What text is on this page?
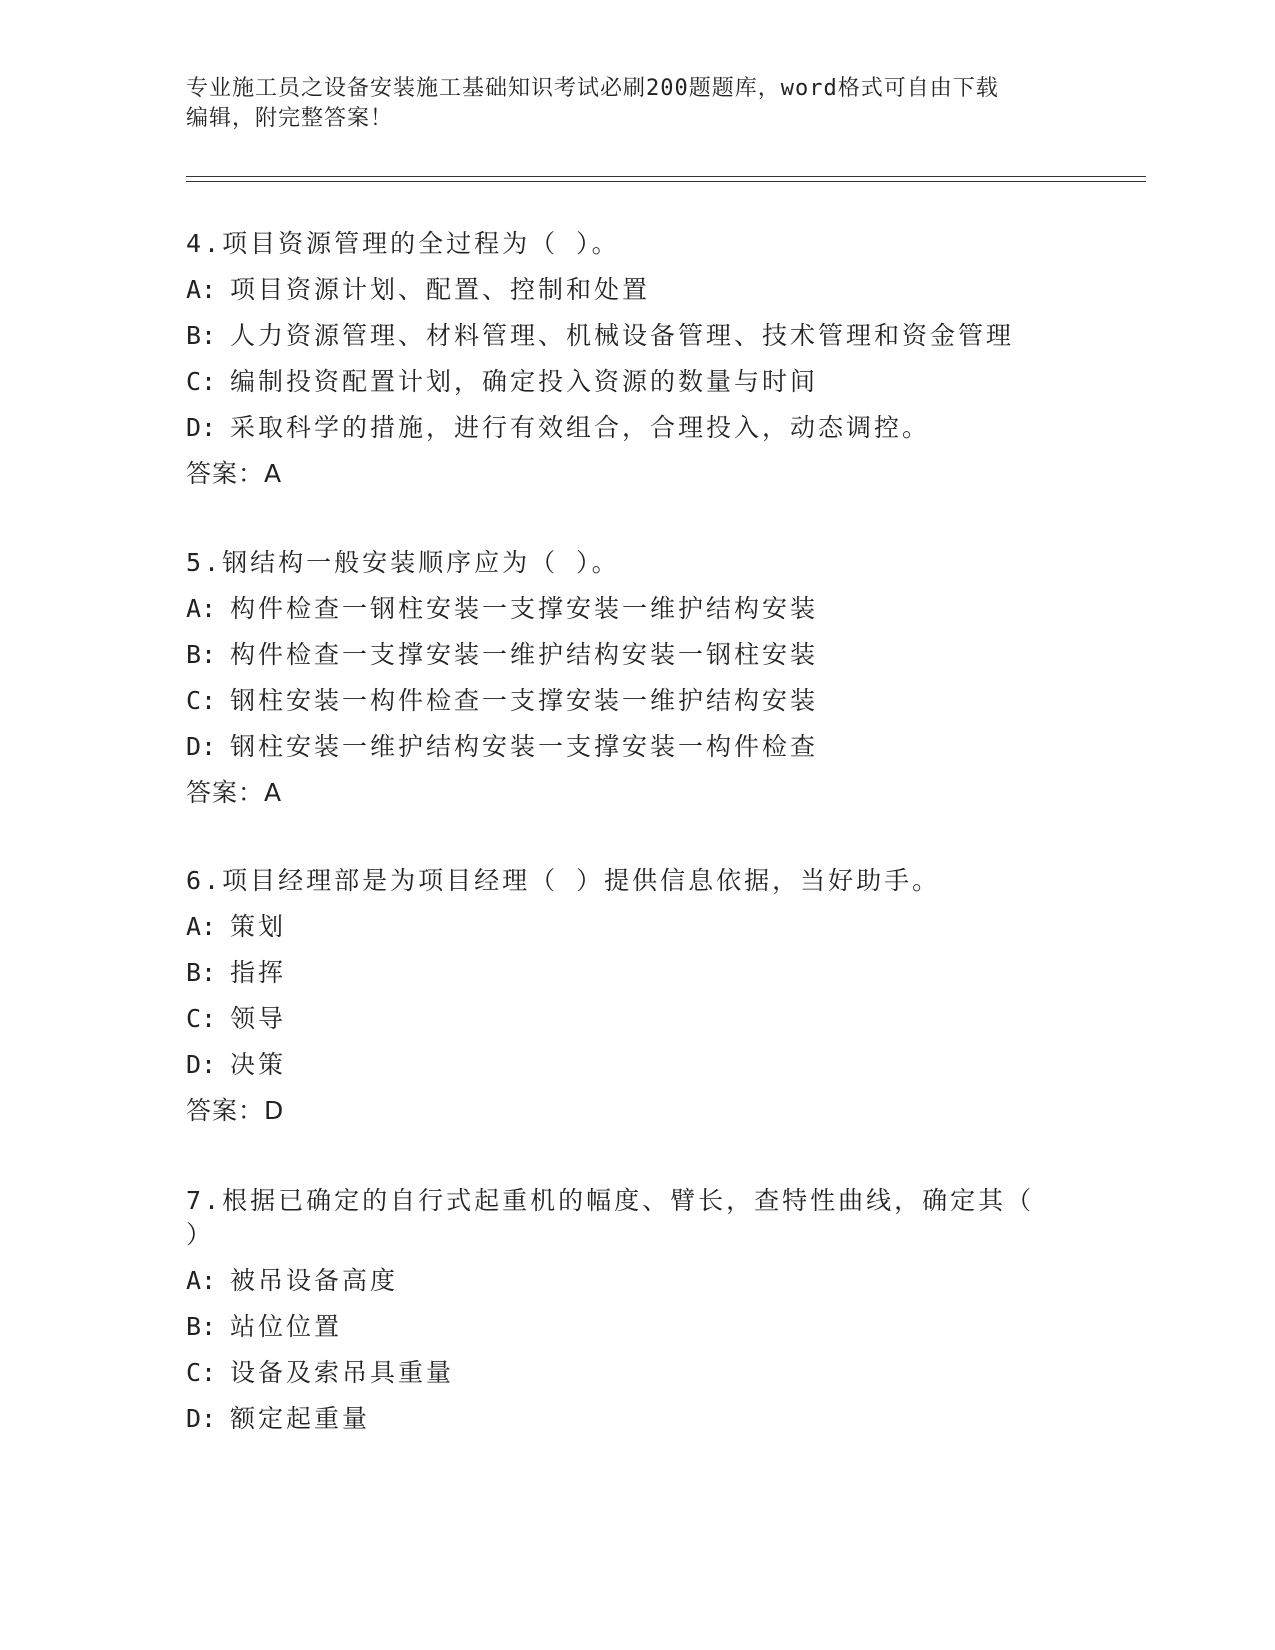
专业施工员之设备安装施工基础知识考试必刷200题题库，word格式可自由下载
编辑，附完整答案！
4.项目资源管理的全过程为（ ）。
A: 项目资源计划、配置、控制和处置
B: 人力资源管理、材料管理、机械设备管理、技术管理和资金管理
C: 编制投资配置计划，确定投入资源的数量与时间
D: 采取科学的措施，进行有效组合，合理投入，动态调控。
答案：A
5.钢结构一般安装顺序应为（ ）。
A: 构件检查一钢柱安装一支撑安装一维护结构安装
B: 构件检查一支撑安装一维护结构安装一钢柱安装
C: 钢柱安装一构件检查一支撑安装一维护结构安装
D: 钢柱安装一维护结构安装一支撑安装一构件检查
答案：A
6.项目经理部是为项目经理（ ）提供信息依据，当好助手。
A: 策划
B: 指挥
C: 领导
D: 决策
答案：D
7.根据已确定的自行式起重机的幅度、臂长，查特性曲线，确定其（
）
A: 被吊设备高度
B: 站位位置
C: 设备及索吊具重量
D: 额定起重量
